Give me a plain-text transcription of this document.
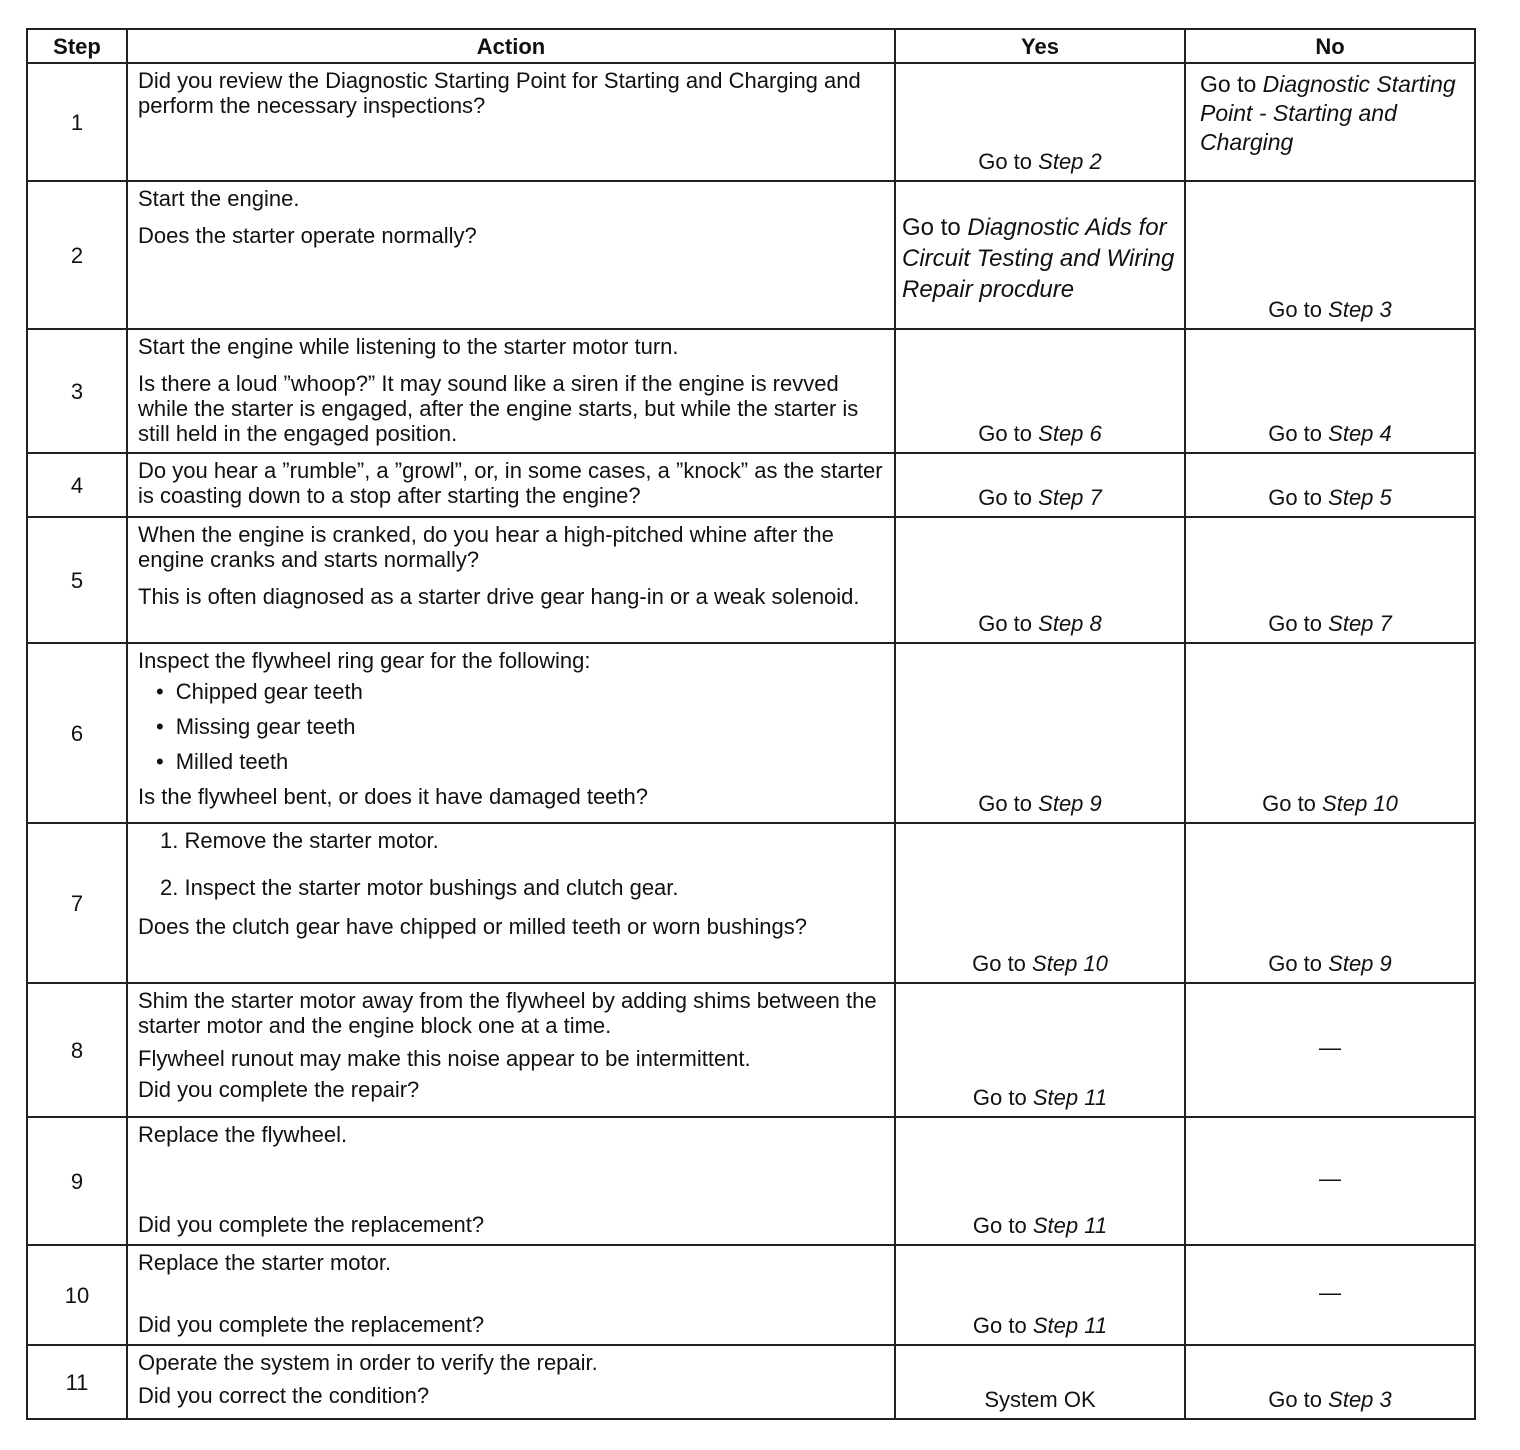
Step	Action	Yes	No
1	Did you review the Diagnostic Starting Point for Starting and Charging and perform the necessary inspections?	Go to Step 2	Go to Diagnostic Starting Point - Starting and Charging

2	Start the engine.
Does the starter operate normally?	Go to Diagnostic Aids for Circuit Testing and Wiring Repair procdure	Go to Step 3
3	Start the engine while listening to the starter motor turn.
Is there a loud ”whoop?” It may sound like a siren if the engine is revved while the starter is engaged, after the engine starts, but while the starter is still held in the engaged position.	Go to Step 6	Go to Step 4
4	Do you hear a ”rumble”, a ”growl”, or, in some cases, a ”knock” as the starter is coasting down to a stop after starting the engine?	Go to Step 7	Go to Step 5
5	When the engine is cranked, do you hear a high-pitched whine after the engine cranks and starts normally?
This is often diagnosed as a starter drive gear hang-in or a weak solenoid.	Go to Step 8	Go to Step 7
6	Inspect the flywheel ring gear for the following:
• Chipped gear teeth
• Missing gear teeth
• Milled teeth
Is the flywheel bent, or does it have damaged teeth?	Go to Step 9	Go to Step 10
7	1. Remove the starter motor.
2. Inspect the starter motor bushings and clutch gear.
Does the clutch gear have chipped or milled teeth or worn bushings?	Go to Step 10	Go to Step 9
8	Shim the starter motor away from the flywheel by adding shims between the starter motor and the engine block one at a time.
Flywheel runout may make this noise appear to be intermittent.
Did you complete the repair?	Go to Step 11	—
9	Replace the flywheel.
Did you complete the replacement?	Go to Step 11	—
10	Replace the starter motor.
Did you complete the replacement?	Go to Step 11	—
11	Operate the system in order to verify the repair.
Did you correct the condition?	System OK	Go to Step 3
